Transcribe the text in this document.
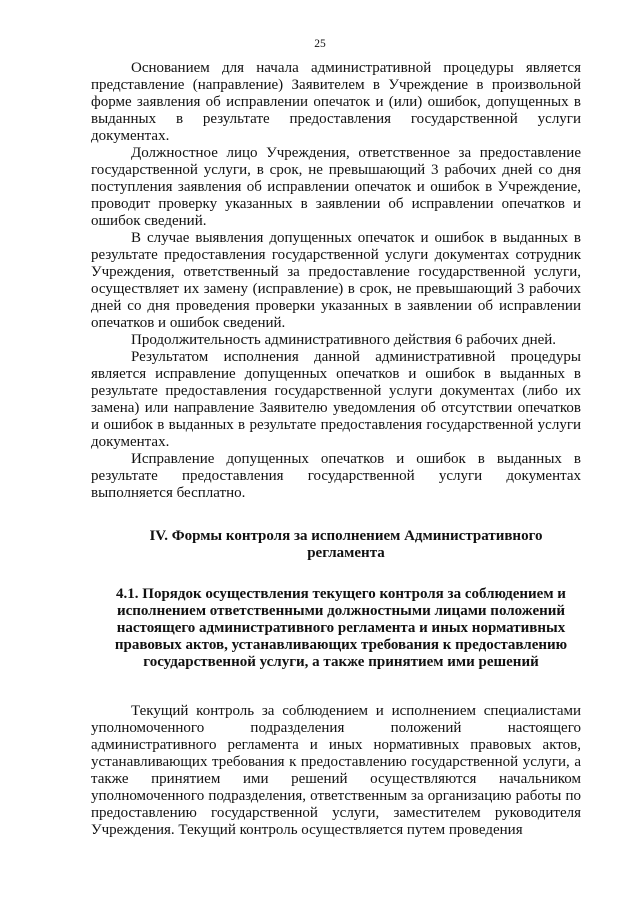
25

Основанием для начала административной процедуры является представление (направление) Заявителем в Учреждение в произвольной форме заявления об исправлении опечаток и (или) ошибок, допущенных в выданных в результате предоставления государственной услуги документах.

Должностное лицо Учреждения, ответственное за предоставление государственной услуги, в срок, не превышающий 3 рабочих дней со дня поступления заявления об исправлении опечаток и ошибок в Учреждение, проводит проверку указанных в заявлении об исправлении опечатков и ошибок сведений.

В случае выявления допущенных опечаток и ошибок в выданных в результате предоставления государственной услуги документах сотрудник Учреждения, ответственный за предоставление государственной услуги, осуществляет их замену (исправление) в срок, не превышающий 3 рабочих дней со дня проведения проверки указанных в заявлении об исправлении опечатков и ошибок сведений.

Продолжительность административного действия 6 рабочих дней.

Результатом исполнения данной административной процедуры является исправление допущенных опечатков и ошибок в выданных в результате предоставления государственной услуги документах (либо их замена) или направление Заявителю уведомления об отсутствии опечатков и ошибок в выданных в результате предоставления государственной услуги документах.

Исправление допущенных опечатков и ошибок в выданных в результате предоставления государственной услуги документах выполняется бесплатно.

IV. Формы контроля за исполнением Административного регламента
4.1. Порядок осуществления текущего контроля за соблюдением и исполнением ответственными должностными лицами положений настоящего административного регламента и иных нормативных правовых актов, устанавливающих требования к предоставлению государственной услуги, а также принятием ими решений

Текущий контроль за соблюдением и исполнением специалистами уполномоченного подразделения положений настоящего административного регламента и иных нормативных правовых актов, устанавливающих требования к предоставлению государственной услуги, а также принятием ими решений осуществляются начальником уполномоченного подразделения, ответственным за организацию работы по предоставлению государственной услуги, заместителем руководителя Учреждения. Текущий контроль осуществляется путем проведения
